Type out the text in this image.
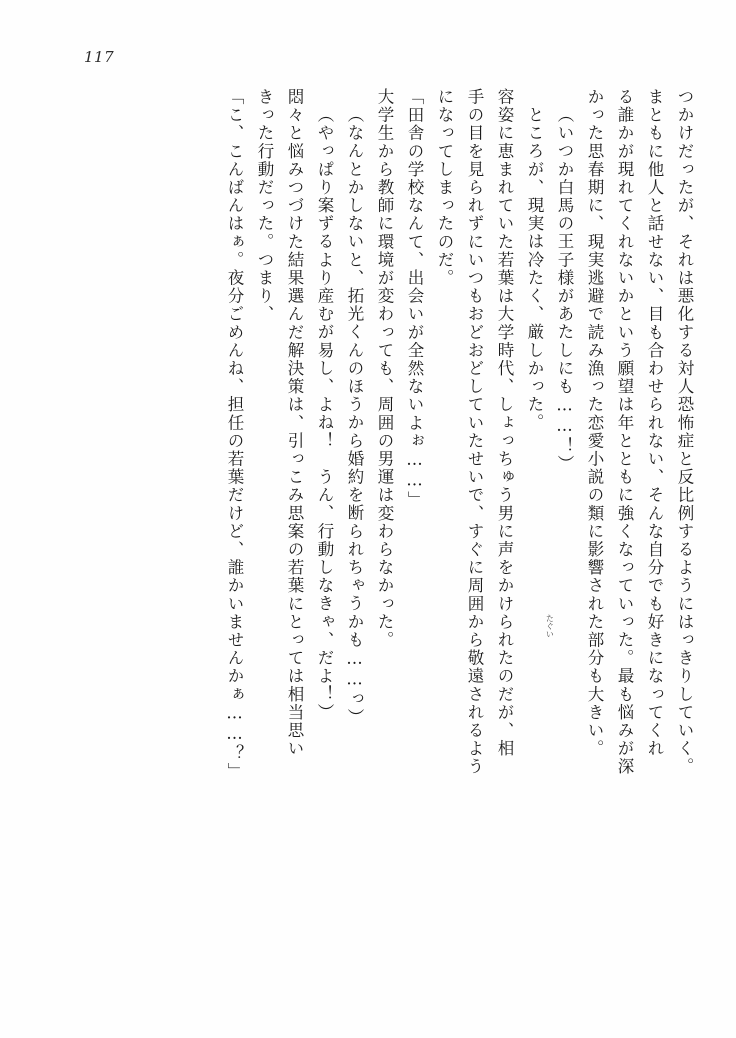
117
つかけだったが、それは悪化する対人恐怖症と反比例するようにはっきりしていく。
まともに他人と話せない、目も合わせられない、そんな自分でも好きになってくれ
る誰かが現れてくれないかという願望は年とともに強くなっていった。最も悩みが深
かった思春期に、現実逃避で読み漁った恋愛小説の類に影響された部分も大きい。
（いつか白馬の王子様があたしにも……！）
ところが、現実は冷たく、厳しかった。
容姿に恵まれていた若葉は大学時代、しょっちゅう男に声をかけられたのだが、相
手の目を見られずにいつもおどおどしていたせいで、すぐに周囲から敬遠されるよう
になってしまったのだ。
「田舎の学校なんて、出会いが全然ないよぉ……」
大学生から教師に環境が変わっても、周囲の男運は変わらなかった。
（なんとかしないと、拓光くんのほうから婚約を断られちゃうかも……っ）
（やっぱり案ずるより産むが易し、よね！　うん、行動しなきゃ、だよ！）
悶々と悩みつづけた結果選んだ解決策は、引っこみ思案の若葉にとっては相当思い
きった行動だった。つまり、
「こ、こんばんはぁ。夜分ごめんね、担任の若葉だけど、誰かいませんかぁ……？」	たぐい
